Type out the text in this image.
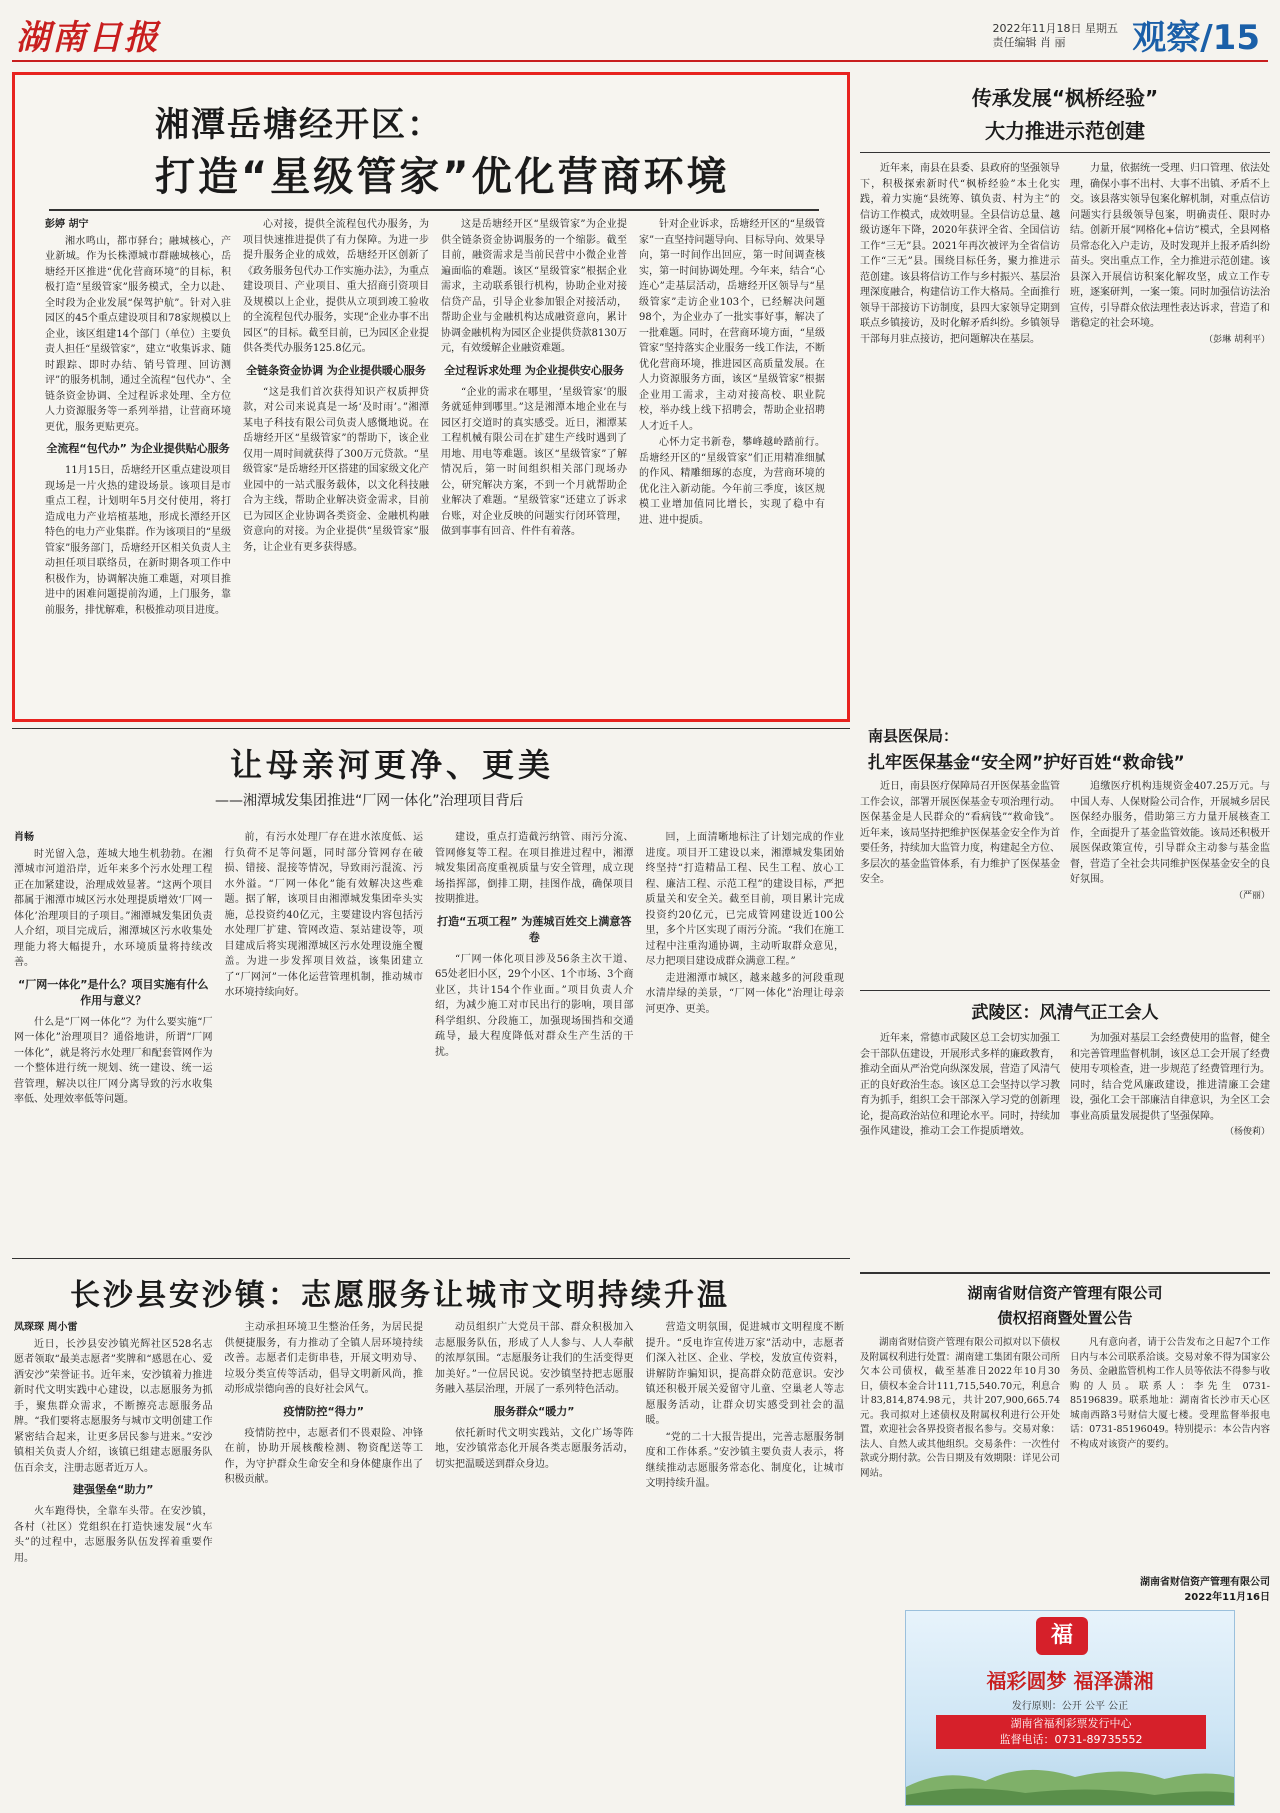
湖南日报	2022年11月18日 星期五
责任编辑 肖 丽	观察/15
湘潭岳塘经开区：
打造“星级管家”优化营商环境

彭婷 胡宁

湘水鸣山，都市驿台；融城核心，产业新城。作为长株潭城市群融城核心，岳塘经开区推进“优化营商环境”的目标，积极打造“星级管家”服务模式，全力以赴、全时段为企业发展“保驾护航”。针对入驻园区的45个重点建设项目和78家规模以上企业，该区组建14个部门（单位）主要负责人担任“星级管家”，建立“收集诉求、随时跟踪、即时办结、销号管理、回访测评”的服务机制，通过全流程“包代办”、全链条资金协调、全过程诉求处理、全方位人力资源服务等一系列举措，让营商环境更优，服务更贴更亮。

全流程“包代办” 为企业提供贴心服务

11月15日，岳塘经开区重点建设项目现场是一片火热的建设场景。该项目是市重点工程，计划明年5月交付使用，将打造成电力产业培植基地，形成长潭经开区特色的电力产业集群。作为该项目的“星级管家”服务部门，岳塘经开区相关负责人主动担任项目联络员，在新时期各项工作中积极作为，协调解决施工难题，对项目推进中的困难问题提前沟通，上门服务，靠前服务，排忧解难，积极推动项目进度。

心对接，提供全流程包代办服务，为项目快速推进提供了有力保障。为进一步提升服务企业的成效，岳塘经开区创新了《政务服务包代办工作实施办法》，为重点建设项目、产业项目、重大招商引资项目及规模以上企业，提供从立项到竣工验收的全流程包代办服务，实现“企业办事不出园区”的目标。截至目前，已为园区企业提供各类代办服务125.8亿元。

全链条资金协调 为企业提供暖心服务

“这是我们首次获得知识产权质押贷款，对公司来说真是一场‘及时雨’。”湘潭某电子科技有限公司负责人感慨地说。在岳塘经开区“星级管家”的帮助下，该企业仅用一周时间就获得了300万元贷款。“星级管家”是岳塘经开区搭建的国家级文化产业园中的一站式服务载体，以文化科技融合为主线，帮助企业解决资金需求，目前已为园区企业协调各类资金、金融机构融资意向的对接。为企业提供“星级管家”服务，让企业有更多获得感。

这是岳塘经开区“星级管家”为企业提供全链条资金协调服务的一个缩影。截至目前，融资需求是当前民营中小微企业普遍面临的难题。该区“星级管家”根据企业需求，主动联系银行机构，协助企业对接信贷产品，引导企业参加银企对接活动，帮助企业与金融机构达成融资意向，累计协调金融机构为园区企业提供贷款8130万元，有效缓解企业融资难题。

全过程诉求处理 为企业提供安心服务

“企业的需求在哪里，‘星级管家’的服务就延伸到哪里。”这是湘潭本地企业在与园区打交道时的真实感受。近日，湘潭某工程机械有限公司在扩建生产线时遇到了用地、用电等难题。该区“星级管家”了解情况后，第一时间组织相关部门现场办公，研究解决方案，不到一个月就帮助企业解决了难题。“星级管家”还建立了诉求台账，对企业反映的问题实行闭环管理，做到事事有回音、件件有着落。

针对企业诉求，岳塘经开区的“星级管家”一直坚持问题导向、目标导向、效果导向，第一时间作出回应，第一时间调查核实，第一时间协调处理。今年来，结合“心连心”走基层活动，岳塘经开区领导与“星级管家”走访企业103个，已经解决问题98个，为企业办了一批实事好事，解决了一批难题。同时，在营商环境方面，“星级管家”坚持落实企业服务一线工作法，不断优化营商环境，推进园区高质量发展。在人力资源服务方面，该区“星级管家”根据企业用工需求，主动对接高校、职业院校，举办线上线下招聘会，帮助企业招聘人才近千人。

心怀力定书新卷，攀峰越岭踏前行。岳塘经开区的“星级管家”们正用精准细腻的作风、精雕细琢的态度，为营商环境的优化注入新动能。今年前三季度，该区规模工业增加值同比增长，实现了稳中有进、进中提质。

传承发展“枫桥经验”
大力推进示范创建

近年来，南县在县委、县政府的坚强领导下，积极探索新时代“枫桥经验”本土化实践，着力实施“县统筹、镇负责、村为主”的信访工作模式，成效明显。全县信访总量、越级访逐年下降，2020年获评全省、全国信访工作“三无”县。2021年再次被评为全省信访工作“三无”县。围绕目标任务，聚力推进示范创建。该县将信访工作与乡村振兴、基层治理深度融合，构建信访工作大格局。全面推行领导干部接访下访制度，县四大家领导定期到联点乡镇接访，及时化解矛盾纠纷。乡镇领导干部每月驻点接访，把问题解决在基层。

力量，依据统一受理、归口管理、依法处理，确保小事不出村、大事不出镇、矛盾不上交。该县落实领导包案化解机制，对重点信访问题实行县级领导包案，明确责任、限时办结。创新开展“网格化+信访”模式，全县网格员常态化入户走访，及时发现并上报矛盾纠纷苗头。突出重点工作，全力推进示范创建。该县深入开展信访积案化解攻坚，成立工作专班，逐案研判，一案一策。同时加强信访法治宣传，引导群众依法理性表达诉求，营造了和谐稳定的社会环境。

（彭琳 胡利平）

让母亲河更净、更美
——湘潭城发集团推进“厂网一体化”治理项目背后

肖畅

时光留入急，莲城大地生机勃勃。在湘潭城市河道沿岸，近年来多个污水处理工程正在加紧建设，治理成效显著。“这两个项目都属于湘潭市城区污水处理提质增效‘厂网一体化’治理项目的子项目。”湘潭城发集团负责人介绍，项目完成后，湘潭城区污水收集处理能力将大幅提升，水环境质量将持续改善。

“厂网一体化”是什么？项目实施有什么作用与意义？

什么是“厂网一体化”？为什么要实施“厂网一体化”治理项目？通俗地讲，所谓“厂网一体化”，就是将污水处理厂和配套管网作为一个整体进行统一规划、统一建设、统一运营管理，解决以往厂网分离导致的污水收集率低、处理效率低等问题。

前，有污水处理厂存在进水浓度低、运行负荷不足等问题，同时部分管网存在破损、错接、混接等情况，导致雨污混流、污水外溢。“厂网一体化”能有效解决这些难题。据了解，该项目由湘潭城发集团牵头实施，总投资约40亿元，主要建设内容包括污水处理厂扩建、管网改造、泵站建设等，项目建成后将实现湘潭城区污水处理设施全覆盖。为进一步发挥项目效益，该集团建立了“厂网河”一体化运营管理机制，推动城市水环境持续向好。

建设，重点打造截污纳管、雨污分流、管网修复等工程。在项目推进过程中，湘潭城发集团高度重视质量与安全管理，成立现场指挥部，倒排工期，挂图作战，确保项目按期推进。

打造“五项工程” 为莲城百姓交上满意答卷

“厂网一体化项目涉及56条主次干道、65处老旧小区，29个小区、1个市场、3个商业区，共计154个作业面。”项目负责人介绍，为减少施工对市民出行的影响，项目部科学组织、分段施工，加强现场围挡和交通疏导，最大程度降低对群众生产生活的干扰。

回，上面清晰地标注了计划完成的作业进度。项目开工建设以来，湘潭城发集团始终坚持“打造精品工程、民生工程、放心工程、廉洁工程、示范工程”的建设目标，严把质量关和安全关。截至目前，项目累计完成投资约20亿元，已完成管网建设近100公里，多个片区实现了雨污分流。“我们在施工过程中注重沟通协调，主动听取群众意见，尽力把项目建设成群众满意工程。”

走进湘潭市城区，越来越多的河段重现水清岸绿的美景，“厂网一体化”治理让母亲河更净、更美。

南县医保局：
扎牢医保基金“安全网”护好百姓“救命钱”

近日，南县医疗保障局召开医保基金监管工作会议，部署开展医保基金专项治理行动。医保基金是人民群众的“看病钱”“救命钱”。近年来，该局坚持把维护医保基金安全作为首要任务，持续加大监管力度，构建起全方位、多层次的基金监管体系，有力维护了医保基金安全。

追缴医疗机构违规资金407.25万元。与中国人寿、人保财险公司合作，开展城乡居民医保经办服务，借助第三方力量开展核查工作，全面提升了基金监管效能。该局还积极开展医保政策宣传，引导群众主动参与基金监督，营造了全社会共同维护医保基金安全的良好氛围。

（严丽）

武陵区：风清气正工会人

近年来，常德市武陵区总工会切实加强工会干部队伍建设，开展形式多样的廉政教育，推动全面从严治党向纵深发展，营造了风清气正的良好政治生态。该区总工会坚持以学习教育为抓手，组织工会干部深入学习党的创新理论，提高政治站位和理论水平。同时，持续加强作风建设，推动工会工作提质增效。

为加强对基层工会经费使用的监督，健全和完善管理监督机制，该区总工会开展了经费使用专项检查，进一步规范了经费管理行为。同时，结合党风廉政建设，推进清廉工会建设，强化工会干部廉洁自律意识，为全区工会事业高质量发展提供了坚强保障。

（杨俊莉）

湖南省财信资产管理有限公司
债权招商暨处置公告

湖南省财信资产管理有限公司拟对以下债权及附属权利进行处置：湖南建工集团有限公司所欠本公司债权，截至基准日2022年10月30日，债权本金合计111,715,540.70元，利息合计83,814,874.98元，共计207,900,665.74元。我司拟对上述债权及附属权利进行公开处置，欢迎社会各界投资者报名参与。交易对象：法人、自然人或其他组织。交易条件：一次性付款或分期付款。公告日期及有效期限：详见公司网站。

凡有意向者，请于公告发布之日起7个工作日内与本公司联系洽谈。交易对象不得为国家公务员、金融监管机构工作人员等依法不得参与收购的人员。联系人：李先生 0731-85196839。联系地址：湖南省长沙市天心区城南西路3号财信大厦七楼。受理监督举报电话：0731-85196049。特别提示：本公告内容不构成对该资产的要约。

湖南省财信资产管理有限公司
2022年11月16日
福
福彩圆梦 福泽潇湘
发行原则：公开 公平 公正
湖南省福利彩票发行中心
监督电话：0731-89735552
长沙县安沙镇：志愿服务让城市文明持续升温

凤琛琛 周小雷

近日，长沙县安沙镇光辉社区528名志愿者领取“最美志愿者”奖牌和“感恩在心、爱洒安沙”荣誉证书。近年来，安沙镇着力推进新时代文明实践中心建设，以志愿服务为抓手，聚焦群众需求，不断擦亮志愿服务品牌。“我们要将志愿服务与城市文明创建工作紧密结合起来，让更多居民参与进来。”安沙镇相关负责人介绍，该镇已组建志愿服务队伍百余支，注册志愿者近万人。

建强堡垒“助力”

火车跑得快，全靠车头带。在安沙镇，各村（社区）党组织在打造快速发展“火车头”的过程中，志愿服务队伍发挥着重要作用。

主动承担环境卫生整治任务，为居民提供便捷服务，有力推动了全镇人居环境持续改善。志愿者们走街串巷，开展文明劝导、垃圾分类宣传等活动，倡导文明新风尚，推动形成崇德向善的良好社会风气。

疫情防控“得力”

疫情防控中，志愿者们不畏艰险、冲锋在前，协助开展核酸检测、物资配送等工作，为守护群众生命安全和身体健康作出了积极贡献。

动员组织广大党员干部、群众积极加入志愿服务队伍，形成了人人参与、人人奉献的浓厚氛围。“志愿服务让我们的生活变得更加美好。”一位居民说。安沙镇坚持把志愿服务融入基层治理，开展了一系列特色活动。

服务群众“暖力”

依托新时代文明实践站，文化广场等阵地，安沙镇常态化开展各类志愿服务活动，切实把温暖送到群众身边。

营造文明氛围，促进城市文明程度不断提升。“反电诈宣传进万家”活动中，志愿者们深入社区、企业、学校，发放宣传资料，讲解防诈骗知识，提高群众防范意识。安沙镇还积极开展关爱留守儿童、空巢老人等志愿服务活动，让群众切实感受到社会的温暖。

“党的二十大报告提出，完善志愿服务制度和工作体系。”安沙镇主要负责人表示，将继续推动志愿服务常态化、制度化，让城市文明持续升温。
